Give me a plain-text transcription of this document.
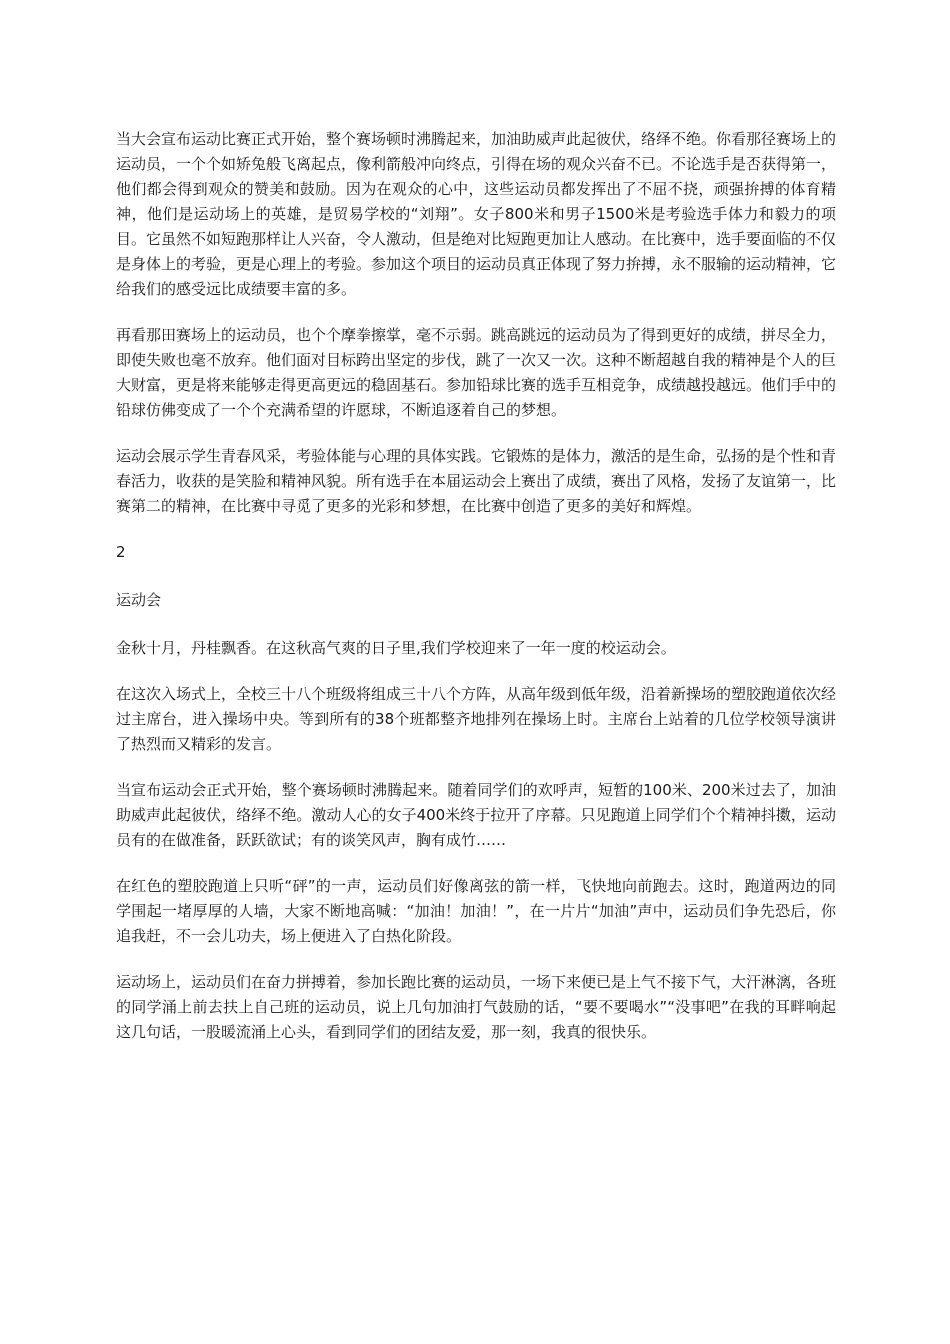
当大会宣布运动比赛正式开始，整个赛场顿时沸腾起来，加油助威声此起彼伏，络绎不绝。你看那径赛场上的运动员，一个个如矫兔般飞离起点，像利箭般冲向终点，引得在场的观众兴奋不已。不论选手是否获得第一，他们都会得到观众的赞美和鼓励。因为在观众的心中，这些运动员都发挥出了不屈不挠，顽强拚搏的体育精神，他们是运动场上的英雄，是贸易学校的“刘翔”。女子800米和男子1500米是考验选手体力和毅力的项目。它虽然不如短跑那样让人兴奋，令人激动，但是绝对比短跑更加让人感动。在比赛中，选手要面临的不仅是身体上的考验，更是心理上的考验。参加这个项目的运动员真正体现了努力拚搏，永不服输的运动精神，它给我们的感受远比成绩要丰富的多。

再看那田赛场上的运动员，也个个摩拳擦掌，毫不示弱。跳高跳远的运动员为了得到更好的成绩，拼尽全力，即使失败也毫不放弃。他们面对目标跨出坚定的步伐，跳了一次又一次。这种不断超越自我的精神是个人的巨大财富，更是将来能够走得更高更远的稳固基石。参加铅球比赛的选手互相竞争，成绩越投越远。他们手中的铅球仿佛变成了一个个充满希望的许愿球，不断追逐着自己的梦想。

运动会展示学生青春风采，考验体能与心理的具体实践。它锻炼的是体力，激活的是生命，弘扬的是个性和青春活力，收获的是笑脸和精神风貌。所有选手在本届运动会上赛出了成绩，赛出了风格，发扬了友谊第一，比赛第二的精神，在比赛中寻觅了更多的光彩和梦想，在比赛中创造了更多的美好和辉煌。

2

运动会

金秋十月，丹桂飘香。在这秋高气爽的日子里,我们学校迎来了一年一度的校运动会。

在这次入场式上，全校三十八个班级将组成三十八个方阵，从高年级到低年级，沿着新操场的塑胶跑道依次经过主席台，进入操场中央。等到所有的38个班都整齐地排列在操场上时。主席台上站着的几位学校领导演讲了热烈而又精彩的发言。

当宣布运动会正式开始，整个赛场顿时沸腾起来。随着同学们的欢呼声，短暂的100米、200米过去了，加油助威声此起彼伏，络绎不绝。激动人心的女子400米终于拉开了序幕。只见跑道上同学们个个精神抖擞，运动员有的在做准备，跃跃欲试；有的谈笑风声，胸有成竹……

在红色的塑胶跑道上只听“砰”的一声，运动员们好像离弦的箭一样，飞快地向前跑去。这时，跑道两边的同学围起一堵厚厚的人墙，大家不断地高喊：“加油！加油！”，在一片片“加油”声中，运动员们争先恐后，你追我赶，不一会儿功夫，场上便进入了白热化阶段。

运动场上，运动员们在奋力拼搏着，参加长跑比赛的运动员，一场下来便已是上气不接下气，大汗淋漓，各班的同学涌上前去扶上自己班的运动员，说上几句加油打气鼓励的话，“要不要喝水”“没事吧”在我的耳畔响起这几句话，一股暖流涌上心头，看到同学们的团结友爱，那一刻，我真的很快乐。
